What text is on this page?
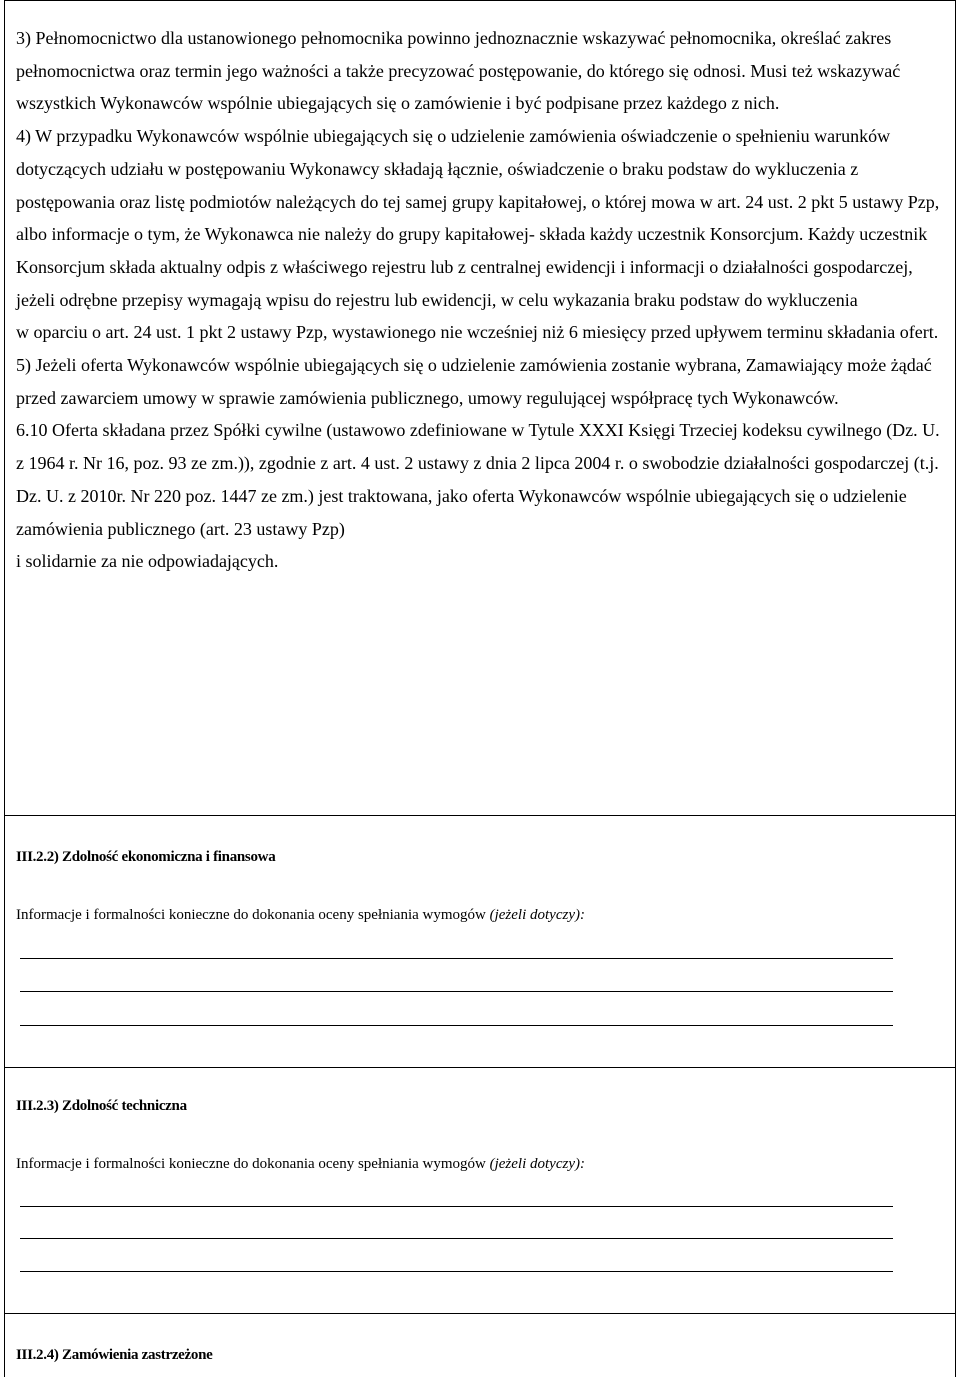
3) Pełnomocnictwo dla ustanowionego pełnomocnika powinno jednoznacznie wskazywać pełnomocnika, określać zakres pełnomocnictwa oraz termin jego ważności a także precyzować postępowanie, do którego się odnosi. Musi też wskazywać wszystkich Wykonawców wspólnie ubiegających się o zamówienie i być podpisane przez każdego z nich.

4) W przypadku Wykonawców wspólnie ubiegających się o udzielenie zamówienia oświadczenie o spełnieniu warunków dotyczących udziału w postępowaniu Wykonawcy składają łącznie, oświadczenie o braku podstaw do wykluczenia z postępowania oraz listę podmiotów należących do tej samej grupy kapitałowej, o której mowa w art. 24 ust. 2 pkt 5 ustawy Pzp, albo informacje o tym, że Wykonawca nie należy do grupy kapitałowej- składa każdy uczestnik Konsorcjum. Każdy uczestnik Konsorcjum składa aktualny odpis z właściwego rejestru lub z centralnej ewidencji i informacji o działalności gospodarczej, jeżeli odrębne przepisy wymagają wpisu do rejestru lub ewidencji, w celu wykazania braku podstaw do wykluczenia

w oparciu o art. 24 ust. 1 pkt 2 ustawy Pzp, wystawionego nie wcześniej niż 6 miesięcy przed upływem terminu składania ofert.

5) Jeżeli oferta Wykonawców wspólnie ubiegających się o udzielenie zamówienia zostanie wybrana, Zamawiający może żądać przed zawarciem umowy w sprawie zamówienia publicznego, umowy regulującej współpracę tych Wykonawców.

6.10 Oferta składana przez Spółki cywilne (ustawowo zdefiniowane w Tytule XXXI Księgi Trzeciej kodeksu cywilnego (Dz. U. z 1964 r. Nr 16, poz. 93 ze zm.)), zgodnie z art. 4 ust. 2 ustawy z dnia 2 lipca 2004 r. o swobodzie działalności gospodarczej (t.j. Dz. U. z 2010r. Nr 220 poz. 1447 ze zm.) jest traktowana, jako oferta Wykonawców wspólnie ubiegających się o udzielenie zamówienia publicznego (art. 23 ustawy Pzp)

i solidarnie za nie odpowiadających.

III.2.2) Zdolność ekonomiczna i finansowa

Informacje i formalności konieczne do dokonania oceny spełniania wymogów (jeżeli dotyczy):

III.2.3) Zdolność techniczna

Informacje i formalności konieczne do dokonania oceny spełniania wymogów (jeżeli dotyczy):

III.2.4) Zamówienia zastrzeżone
